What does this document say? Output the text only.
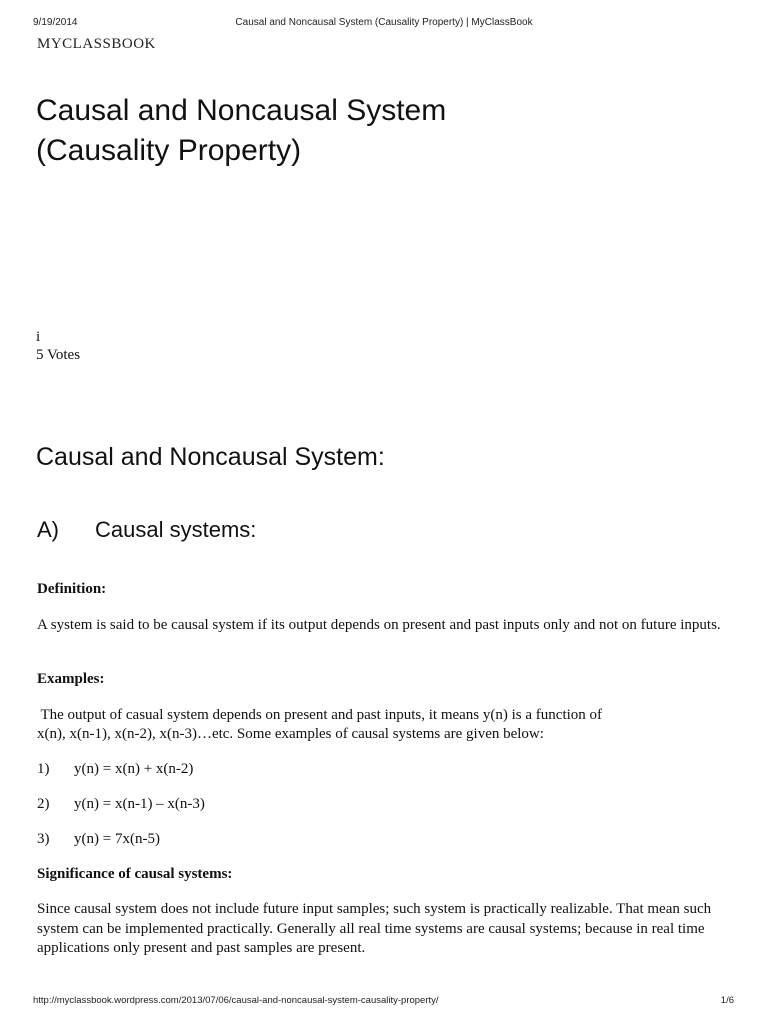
9/19/2014	Causal and Noncausal System (Causality Property) | MyClassBook
MYCLASSBOOK
Causal and Noncausal System
(Causality Property)
i
5 Votes
Causal and Noncausal System:
A) Causal systems:
Definition:
A system is said to be causal system if its output depends on present and past inputs only and not on future inputs.
Examples:
The output of casual system depends on present and past inputs, it means y(n) is a function of
x(n), x(n-1), x(n-2), x(n-3)…etc. Some examples of causal systems are given below:
1) y(n) = x(n) + x(n-2)
2) y(n) = x(n-1) – x(n-3)
3) y(n) = 7x(n-5)
Significance of causal systems:
Since causal system does not include future input samples; such system is practically realizable. That mean such system can be implemented practically. Generally all real time systems are causal systems; because in real time applications only present and past samples are present.
http://myclassbook.wordpress.com/2013/07/06/causal-and-noncausal-system-causality-property/	1/6
